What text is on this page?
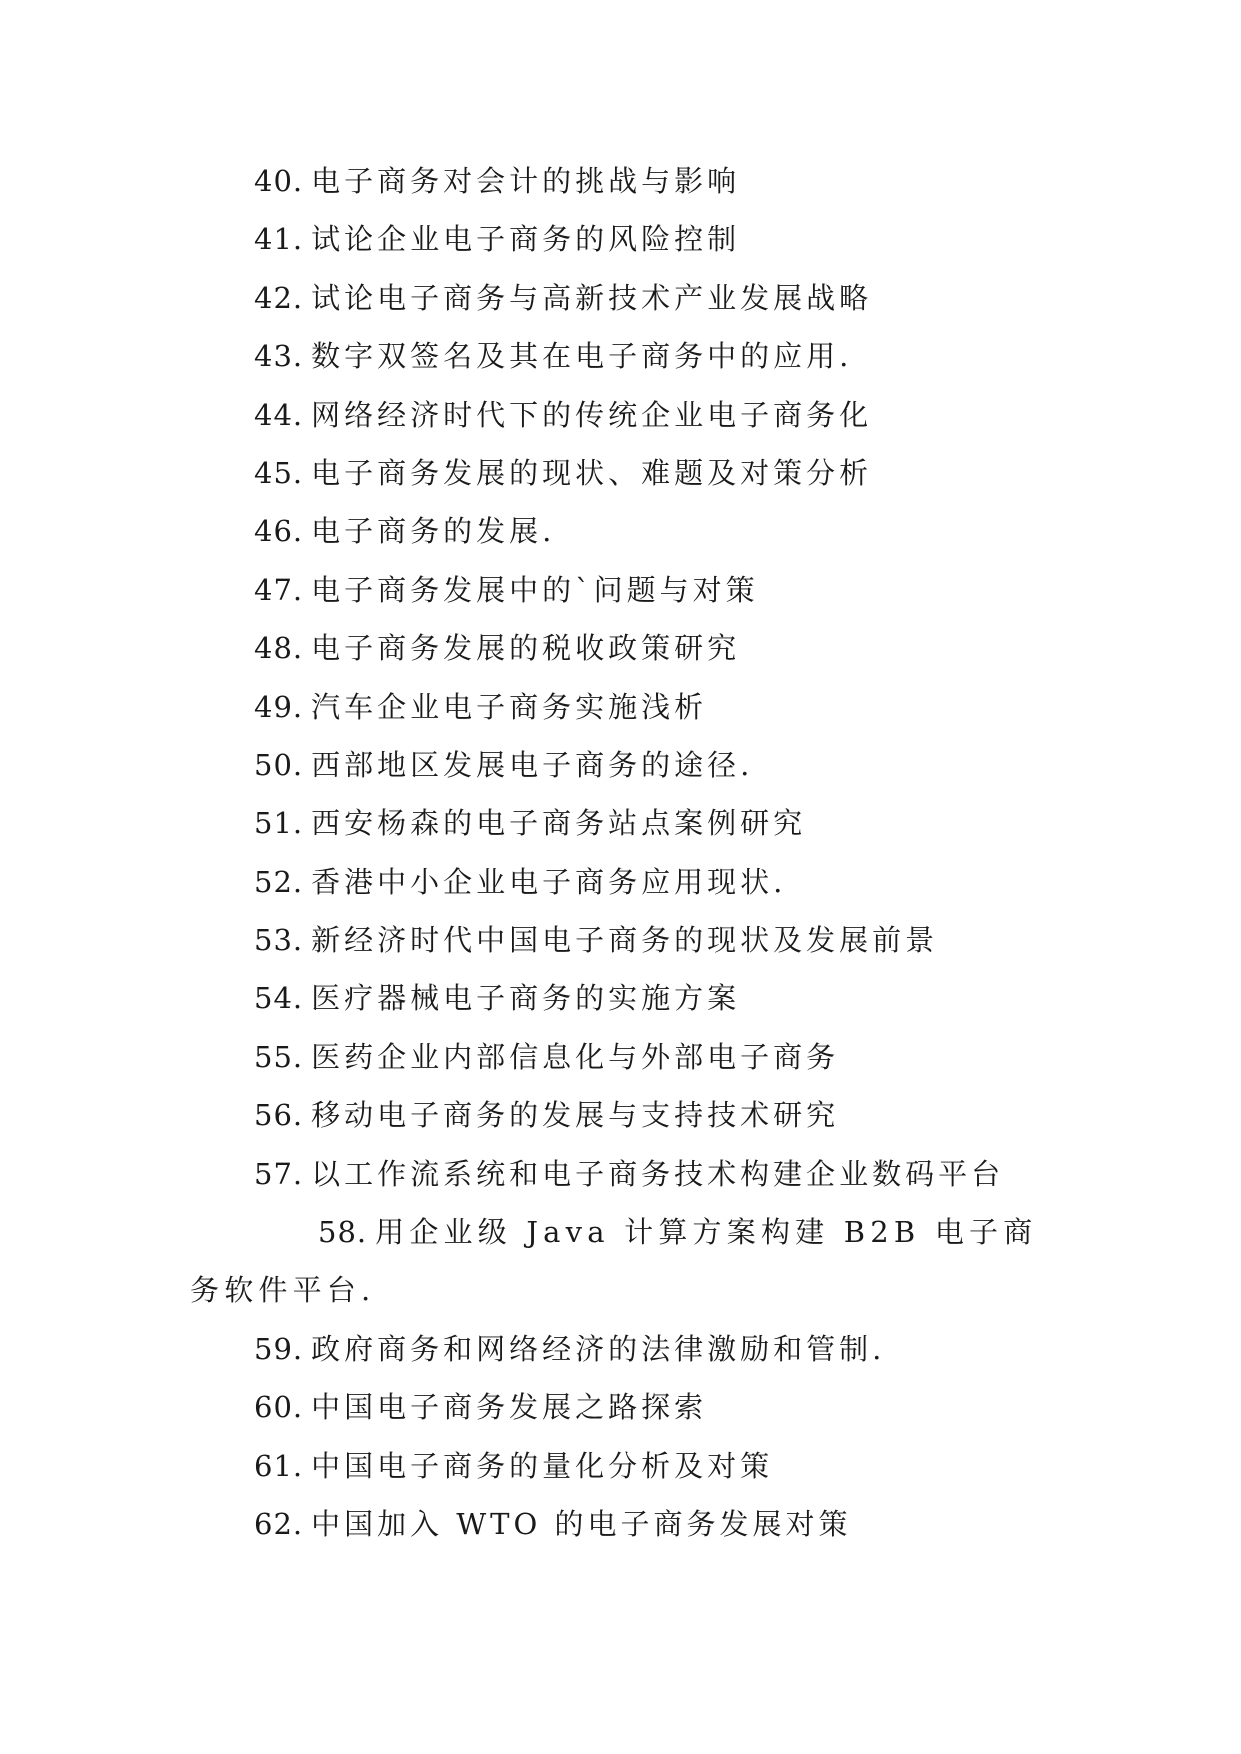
40. 电子商务对会计的挑战与影响
41. 试论企业电子商务的风险控制
42. 试论电子商务与高新技术产业发展战略
43. 数字双签名及其在电子商务中的应用.
44. 网络经济时代下的传统企业电子商务化
45. 电子商务发展的现状、难题及对策分析
46. 电子商务的发展.
47. 电子商务发展中的`问题与对策
48. 电子商务发展的税收政策研究
49. 汽车企业电子商务实施浅析
50. 西部地区发展电子商务的途径.
51. 西安杨森的电子商务站点案例研究
52. 香港中小企业电子商务应用现状.
53. 新经济时代中国电子商务的现状及发展前景
54. 医疗器械电子商务的实施方案
55. 医药企业内部信息化与外部电子商务
56. 移动电子商务的发展与支持技术研究
57. 以工作流系统和电子商务技术构建企业数码平台
58. 用企业级 Java 计算方案构建 B2B 电子商务软件平台.
59. 政府商务和网络经济的法律激励和管制.
60. 中国电子商务发展之路探索
61. 中国电子商务的量化分析及对策
62. 中国加入 WTO 的电子商务发展对策
